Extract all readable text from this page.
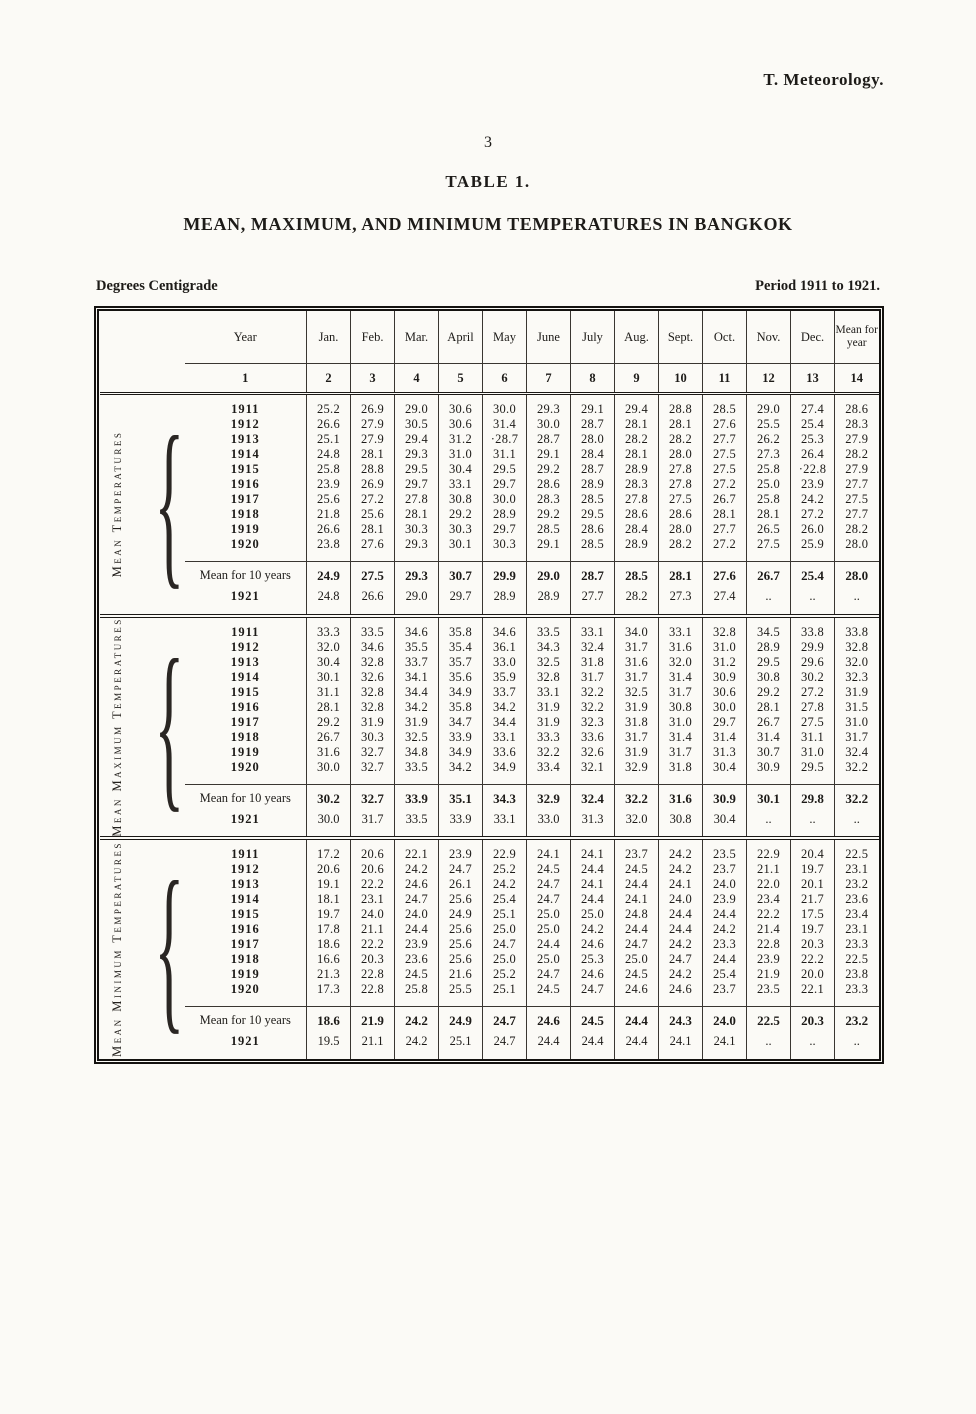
T. Meteorology.
3
TABLE 1.
MEAN, MAXIMUM, AND MINIMUM TEMPERATURES IN BANGKOK
Degrees Centigrade	Period 1911 to 1921.
	Year	Jan.	Feb.	Mar.	April	May	June	July	Aug.	Sept.	Oct.	Nov.	Dec.	Mean for year
	1	2	3	4	5	6	7	8	9	10	11	12	13	14

Mean Temperatures {	1911	25.2	26.9	29.0	30.6	30.0	29.3	29.1	29.4	28.8	28.5	29.0	27.4	28.6
	1912	26.6	27.9	30.5	30.6	31.4	30.0	28.7	28.1	28.1	27.6	25.5	25.4	28.3
	1913	25.1	27.9	29.4	31.2	·28.7	28.7	28.0	28.2	28.2	27.7	26.2	25.3	27.9
	1914	24.8	28.1	29.3	31.0	31.1	29.1	28.4	28.1	28.0	27.5	27.3	26.4	28.2
	1915	25.8	28.8	29.5	30.4	29.5	29.2	28.7	28.9	27.8	27.5	25.8	·22.8	27.9
	1916	23.9	26.9	29.7	33.1	29.7	28.6	28.9	28.3	27.8	27.2	25.0	23.9	27.7
	1917	25.6	27.2	27.8	30.8	30.0	28.3	28.5	27.8	27.5	26.7	25.8	24.2	27.5
	1918	21.8	25.6	28.1	29.2	28.9	29.2	29.5	28.6	28.6	28.1	28.1	27.2	27.7
	1919	26.6	28.1	30.3	30.3	29.7	28.5	28.6	28.4	28.0	27.7	26.5	26.0	28.2
	1920	23.8	27.6	29.3	30.1	30.3	29.1	28.5	28.9	28.2	27.2	27.5	25.9	28.0
	Mean for 10 years	24.9	27.5	29.3	30.7	29.9	29.0	28.7	28.5	28.1	27.6	26.7	25.4	28.0
	1921	24.8	26.6	29.0	29.7	28.9	28.9	27.7	28.2	27.3	27.4	..	..	..

Mean Maximum Temperatures {	1911	33.3	33.5	34.6	35.8	34.6	33.5	33.1	34.0	33.1	32.8	34.5	33.8	33.8
	1912	32.0	34.6	35.5	35.4	36.1	34.3	32.4	31.7	31.6	31.0	28.9	29.9	32.8
	1913	30.4	32.8	33.7	35.7	33.0	32.5	31.8	31.6	32.0	31.2	29.5	29.6	32.0
	1914	30.1	32.6	34.1	35.6	35.9	32.8	31.7	31.7	31.4	30.9	30.8	30.2	32.3
	1915	31.1	32.8	34.4	34.9	33.7	33.1	32.2	32.5	31.7	30.6	29.2	27.2	31.9
	1916	28.1	32.8	34.2	35.8	34.2	31.9	32.2	31.9	30.8	30.0	28.1	27.8	31.5
	1917	29.2	31.9	31.9	34.7	34.4	31.9	32.3	31.8	31.0	29.7	26.7	27.5	31.0
	1918	26.7	30.3	32.5	33.9	33.1	33.3	33.6	31.7	31.4	31.4	31.4	31.1	31.7
	1919	31.6	32.7	34.8	34.9	33.6	32.2	32.6	31.9	31.7	31.3	30.7	31.0	32.4
	1920	30.0	32.7	33.5	34.2	34.9	33.4	32.1	32.9	31.8	30.4	30.9	29.5	32.2
	Mean for 10 years	30.2	32.7	33.9	35.1	34.3	32.9	32.4	32.2	31.6	30.9	30.1	29.8	32.2
	1921	30.0	31.7	33.5	33.9	33.1	33.0	31.3	32.0	30.8	30.4	..	..	..

Mean Minimum Temperatures {	1911	17.2	20.6	22.1	23.9	22.9	24.1	24.1	23.7	24.2	23.5	22.9	20.4	22.5
	1912	20.6	20.6	24.2	24.7	25.2	24.5	24.4	24.5	24.2	23.7	21.1	19.7	23.1
	1913	19.1	22.2	24.6	26.1	24.2	24.7	24.1	24.4	24.1	24.0	22.0	20.1	23.2
	1914	18.1	23.1	24.7	25.6	25.4	24.7	24.4	24.1	24.0	23.9	23.4	21.7	23.6
	1915	19.7	24.0	24.0	24.9	25.1	25.0	25.0	24.8	24.4	24.4	22.2	17.5	23.4
	1916	17.8	21.1	24.4	25.6	25.0	25.0	24.2	24.4	24.4	24.2	21.4	19.7	23.1
	1917	18.6	22.2	23.9	25.6	24.7	24.4	24.6	24.7	24.2	23.3	22.8	20.3	23.3
	1918	16.6	20.3	23.6	25.6	25.0	25.0	25.3	25.0	24.7	24.4	23.9	22.2	22.5
	1919	21.3	22.8	24.5	21.6	25.2	24.7	24.6	24.5	24.2	25.4	21.9	20.0	23.8
	1920	17.3	22.8	25.8	25.5	25.1	24.5	24.7	24.6	24.6	23.7	23.5	22.1	23.3
	Mean for 10 years	18.6	21.9	24.2	24.9	24.7	24.6	24.5	24.4	24.3	24.0	22.5	20.3	23.2
	1921	19.5	21.1	24.2	25.1	24.7	24.4	24.4	24.4	24.1	24.1	..	..	..
